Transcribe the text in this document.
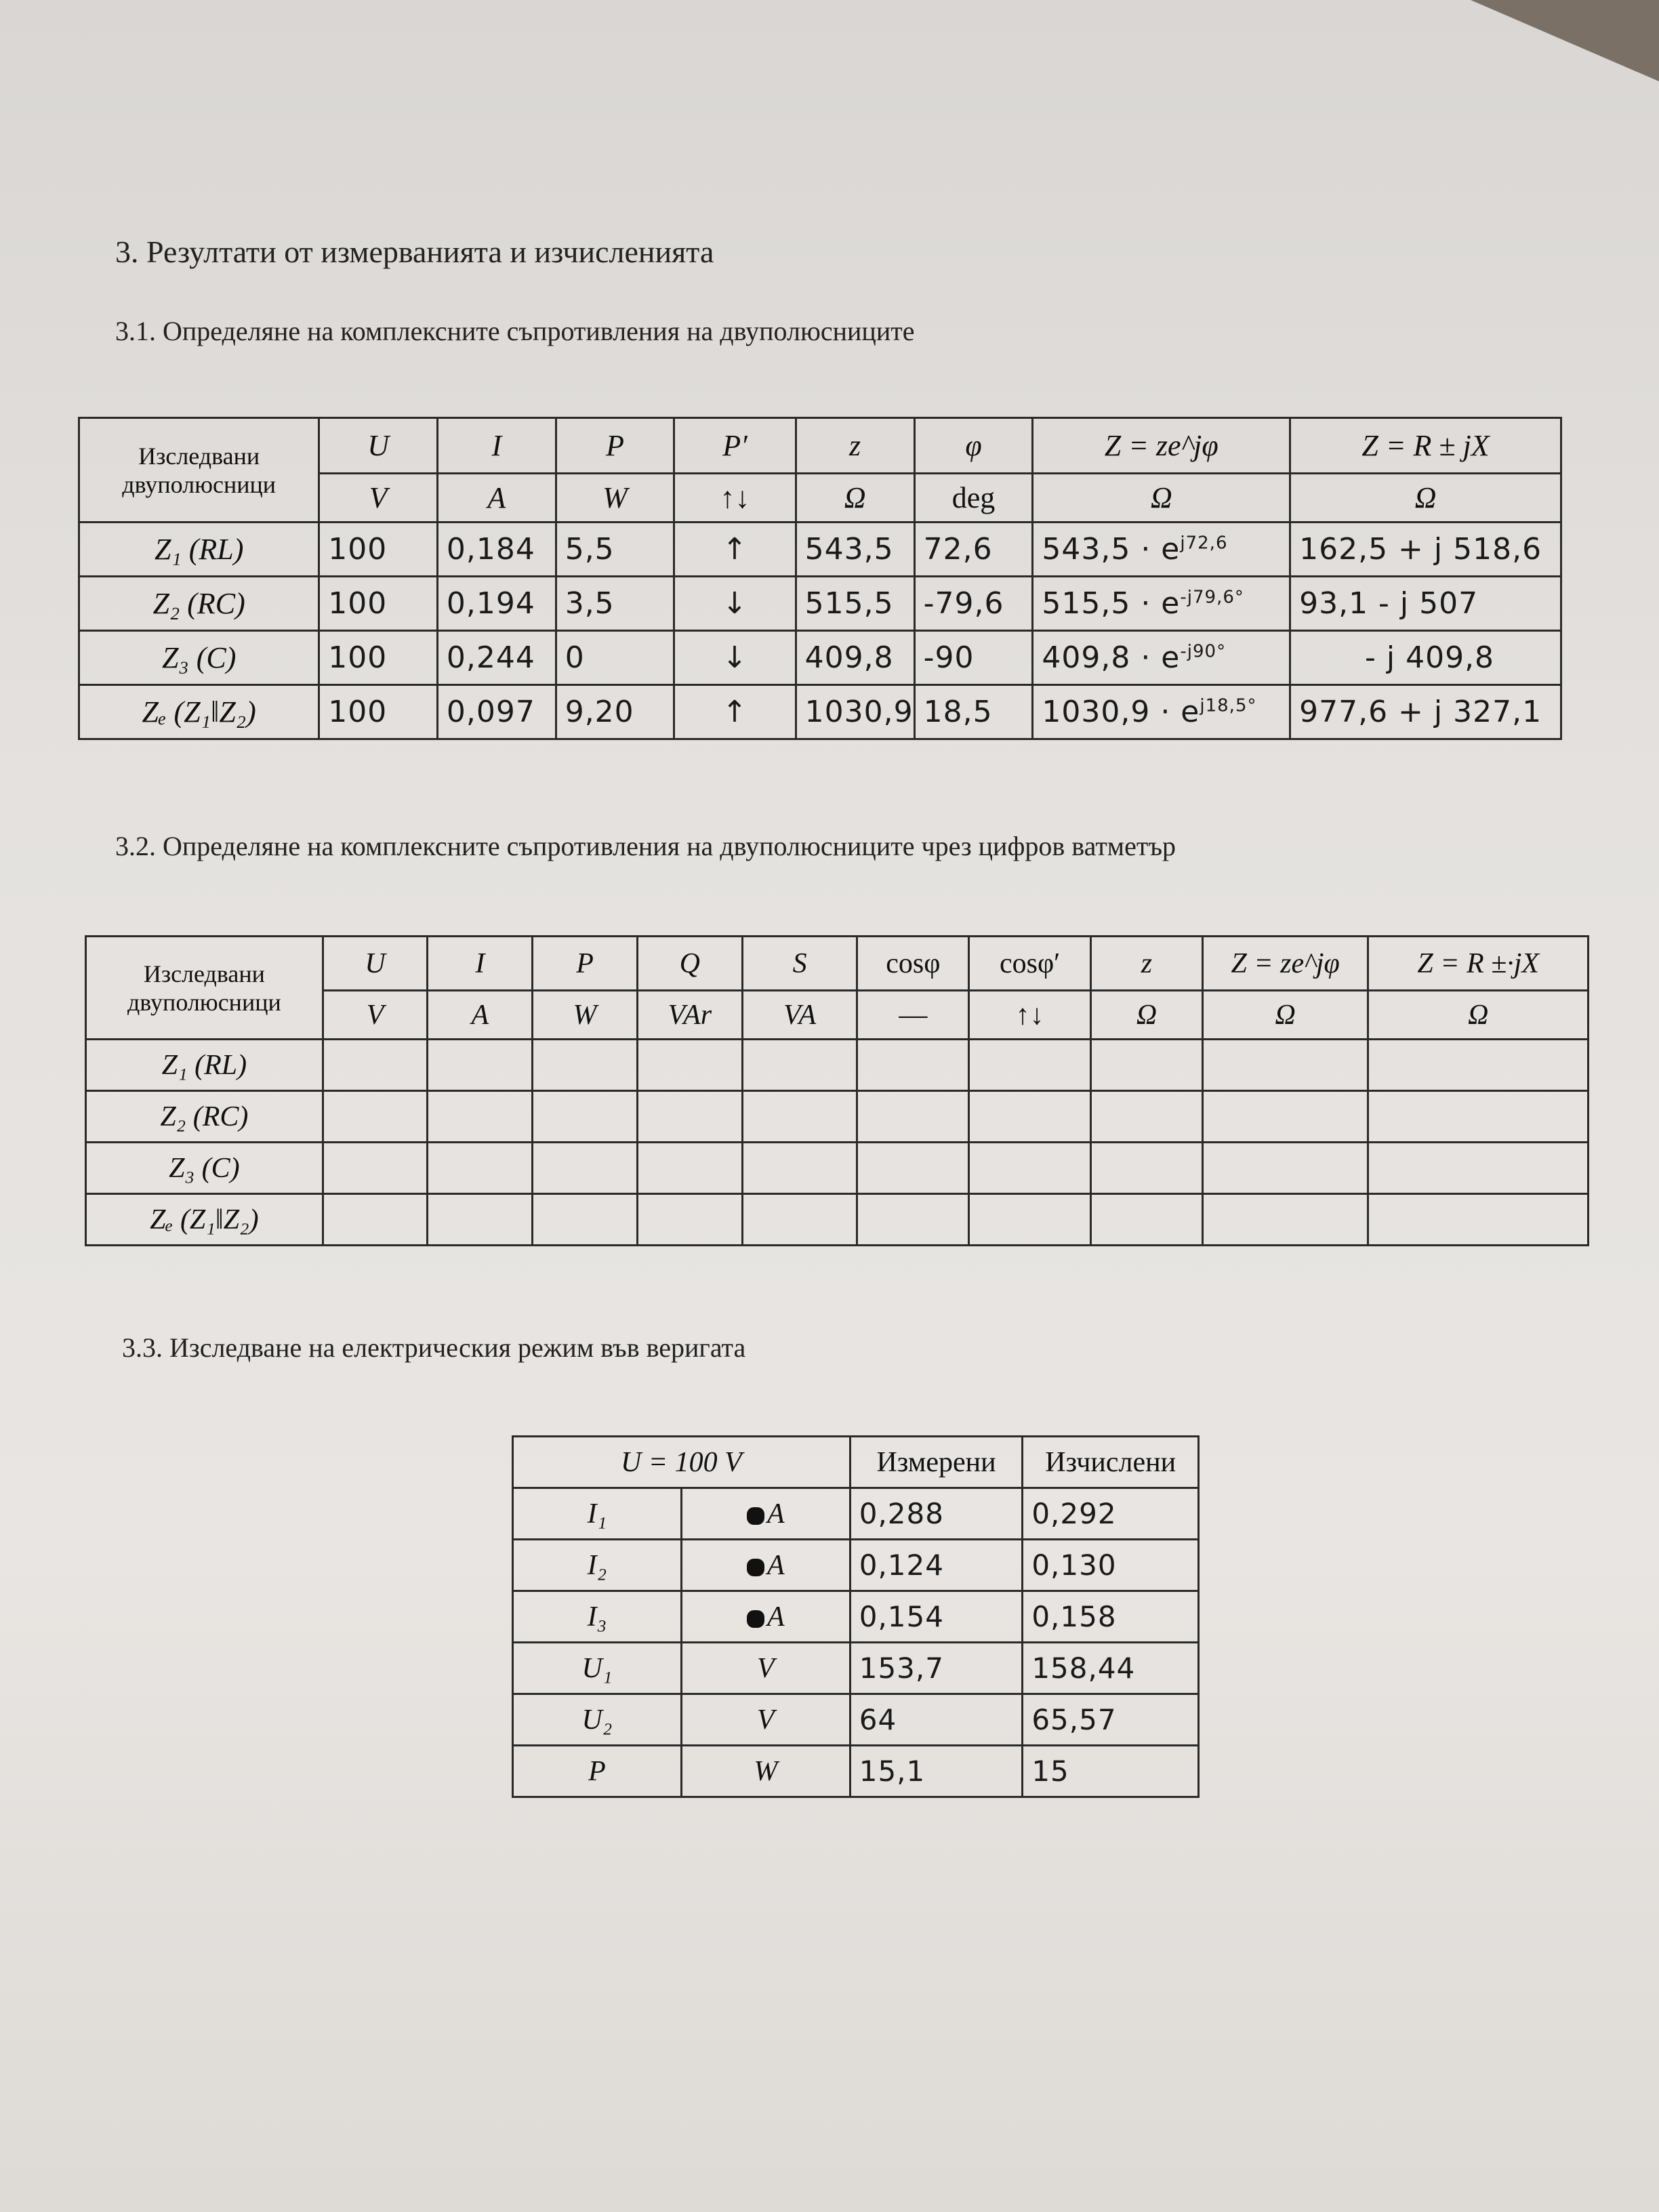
3. Резултати от измерванията и изчисленията
3.1. Определяне на комплексните съпротивления на двуполюсниците
Изследвани двуполюсници	U	I	P	P′	z	φ	Z = ze^jφ	Z = R ± jX
	V	A	W	↑↓	Ω	deg	Ω	Ω
Z₁ (RL)	100	0,184	5,5	↑	543,5	72,6	$543,5 \cdot e^{j72,6}$	162,5 + j 518,6
Z₂ (RC)	100	0,194	3,5	↓	515,5	-79,6	$515,5 \cdot e^{-j79,6^\circ}$	93,1 - j 507
Z₃ (C)	100	0,244	0	↓	409,8	-90	$409,8 \cdot e^{-j90^\circ}$	- j 409,8
Zₑ (Z₁‖Z₂)	100	0,097	9,20	↑	1030,9	18,5	$1030,9 \cdot e^{j18,5^\circ}$	977,6 + j 327,1
3.2. Определяне на комплексните съпротивления на двуполюсниците чрез цифров ватметър
Изследвани двуполюсници	U	I	P	Q	S	cosφ	cosφ′	z	Z = ze^jφ	Z = R ±·jX
	V	A	W	VAr	VA	—	↑↓	Ω	Ω	Ω
Z₁ (RL)										
Z₂ (RC)										
Z₃ (C)										
Zₑ (Z₁‖Z₂)										
3.3. Изследване на електрическия режим във веригата
U = 100 V		Измерени	Изчислени
I₁	A	0,288	0,292
I₂	A	0,124	0,130
I₃	A	0,154	0,158
U₁	V	153,7	158,44
U₂	V	64	65,57
P	W	15,1	15
